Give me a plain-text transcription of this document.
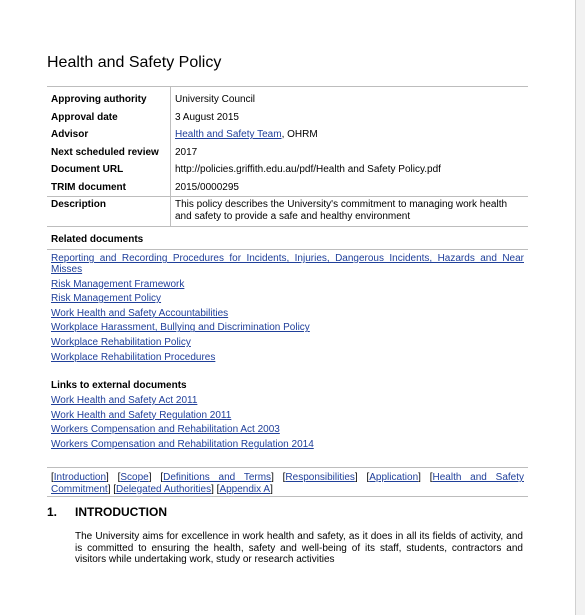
Health and Safety Policy
Approving authority	University Council
Approval date	3 August 2015
Advisor	Health and Safety Team, OHRM
Next scheduled review	2017
Document URL	http://policies.griffith.edu.au/pdf/Health and Safety Policy.pdf
TRIM document	2015/0000295
Description	This policy describes the University's commitment to managing work health and safety to provide a safe and healthy environment
Related documents
Reporting and Recording Procedures for Incidents, Injuries, Dangerous Incidents, Hazards and Near Misses
Risk Management Framework
Risk Management Policy
Work Health and Safety Accountabilities
Workplace Harassment, Bullying and Discrimination Policy
Workplace Rehabilitation Policy
Workplace Rehabilitation Procedures
Links to external documents
Work Health and Safety Act 2011
Work Health and Safety Regulation 2011
Workers Compensation and Rehabilitation Act 2003
Workers Compensation and Rehabilitation Regulation 2014
[Introduction] [Scope] [Definitions and Terms] [Responsibilities] [Application] [Health and Safety Commitment] [Delegated Authorities] [Appendix A]
1. INTRODUCTION

The University aims for excellence in work health and safety, as it does in all its fields of activity, and is committed to ensuring the health, safety and well-being of its staff, students, contractors and visitors while undertaking work, study or research activities
